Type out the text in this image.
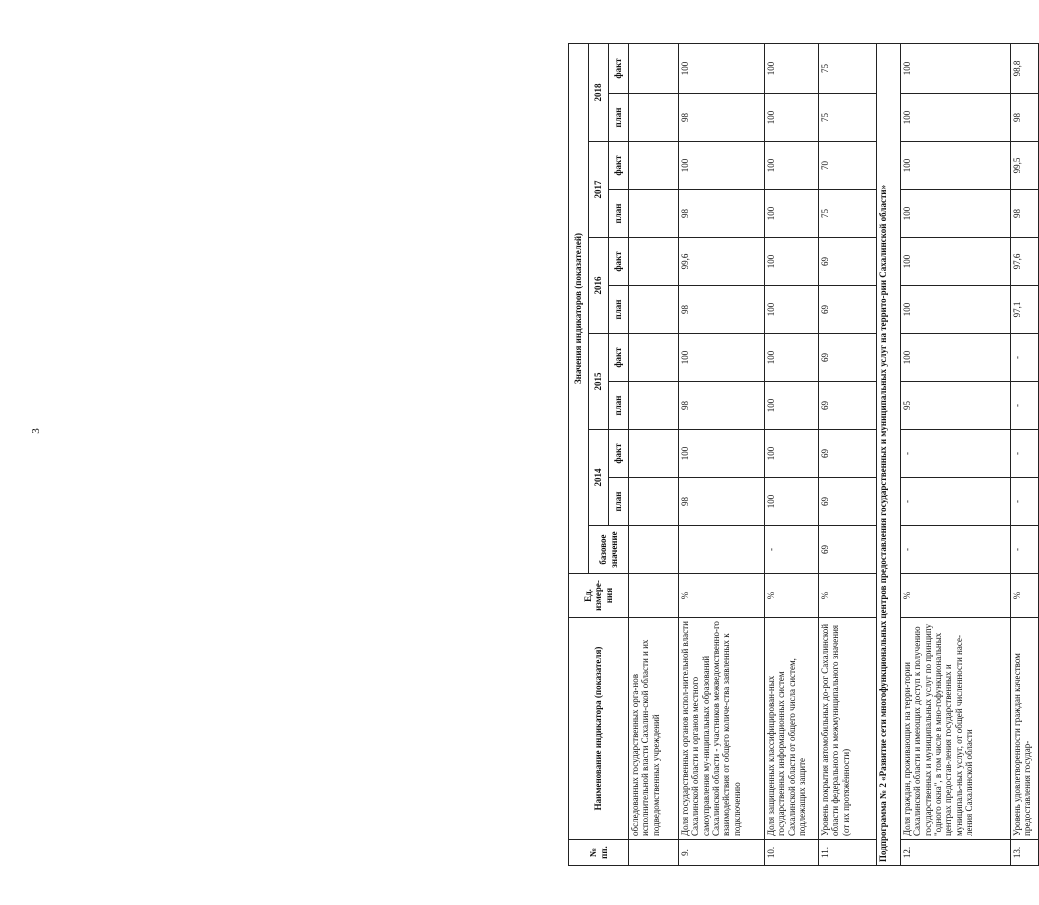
3
№ пп.	Наименование индикатора (показателя)	Ед. измере-ния	Значения индикаторов (показателей)										
			базовое значение	2014		2015		2016		2017		2018	
				план	факт	план	факт	план	факт	план	факт	план	факт
	обследованных государственных орга-нов исполнительной власти Сахалин-ской области и их подведомственных учреждений												
9.	Доля государственных органов испол-нительной власти Сахалинской области и органов местного самоуправления му-ниципальных образований Сахалинской области - участников межведомственно-го взаимодействия от общего количе-ства заявленных к подключению	%		98	100	98	100	98	99,6	98	100	98	100
10.	Доля защищенных классифицирован-ных государственных информационных систем Сахалинской области от общего числа систем, подлежащих защите	%	-	100	100	100	100	100	100	100	100	100	100
11.	Уровень покрытия автомобильных до-рог Сахалинской области федерального и межмуниципального значения (от их протяжённости)	%	69	69	69	69	69	69	69	75	70	75	75
Подпрограмма № 2 «Развитие сети многофункциональных центров предоставления государственных и муниципальных услуг на террито-рии Сахалинской области»													
12.	Доля граждан, проживающих на терри-тории Сахалинской области и имеющих доступ к получению государственных и муниципальных услуг по принципу "одного окна", в том числе в мно-гофункциональных центрах предостав-ления государственных и муниципаль-ных услуг, от общей численности насе-ления Сахалинской области	%	-	-	-	95	100	100	100	100	100	100	100
13.	Уровень удовлетворенности граждан качеством предоставления государ-	%	-	-	-	-	-	97,1	97,6	98	99,5	98	98,8
